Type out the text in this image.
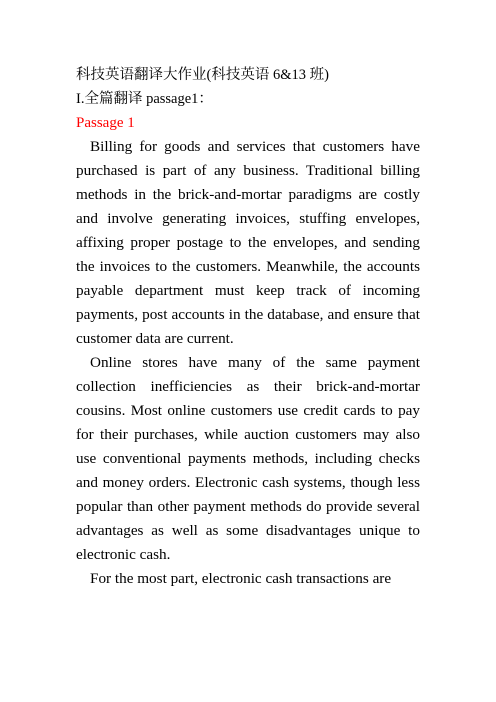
科技英语翻译大作业(科技英语 6&13 班)

I.全篇翻译 passage1：

Passage 1

Billing for goods and services that customers have purchased is part of any business. Traditional billing methods in the brick-and-mortar paradigms are costly and involve generating invoices, stuffing envelopes, affixing proper postage to the envelopes, and sending the invoices to the customers. Meanwhile, the accounts payable department must keep track of incoming payments, post accounts in the database, and ensure that customer data are current.

Online stores have many of the same payment collection inefficiencies as their brick-and-mortar cousins. Most online customers use credit cards to pay for their purchases, while auction customers may also use conventional payments methods, including checks and money orders. Electronic cash systems, though less popular than other payment methods do provide several advantages as well as some disadvantages unique to electronic cash.

For the most part, electronic cash transactions are
